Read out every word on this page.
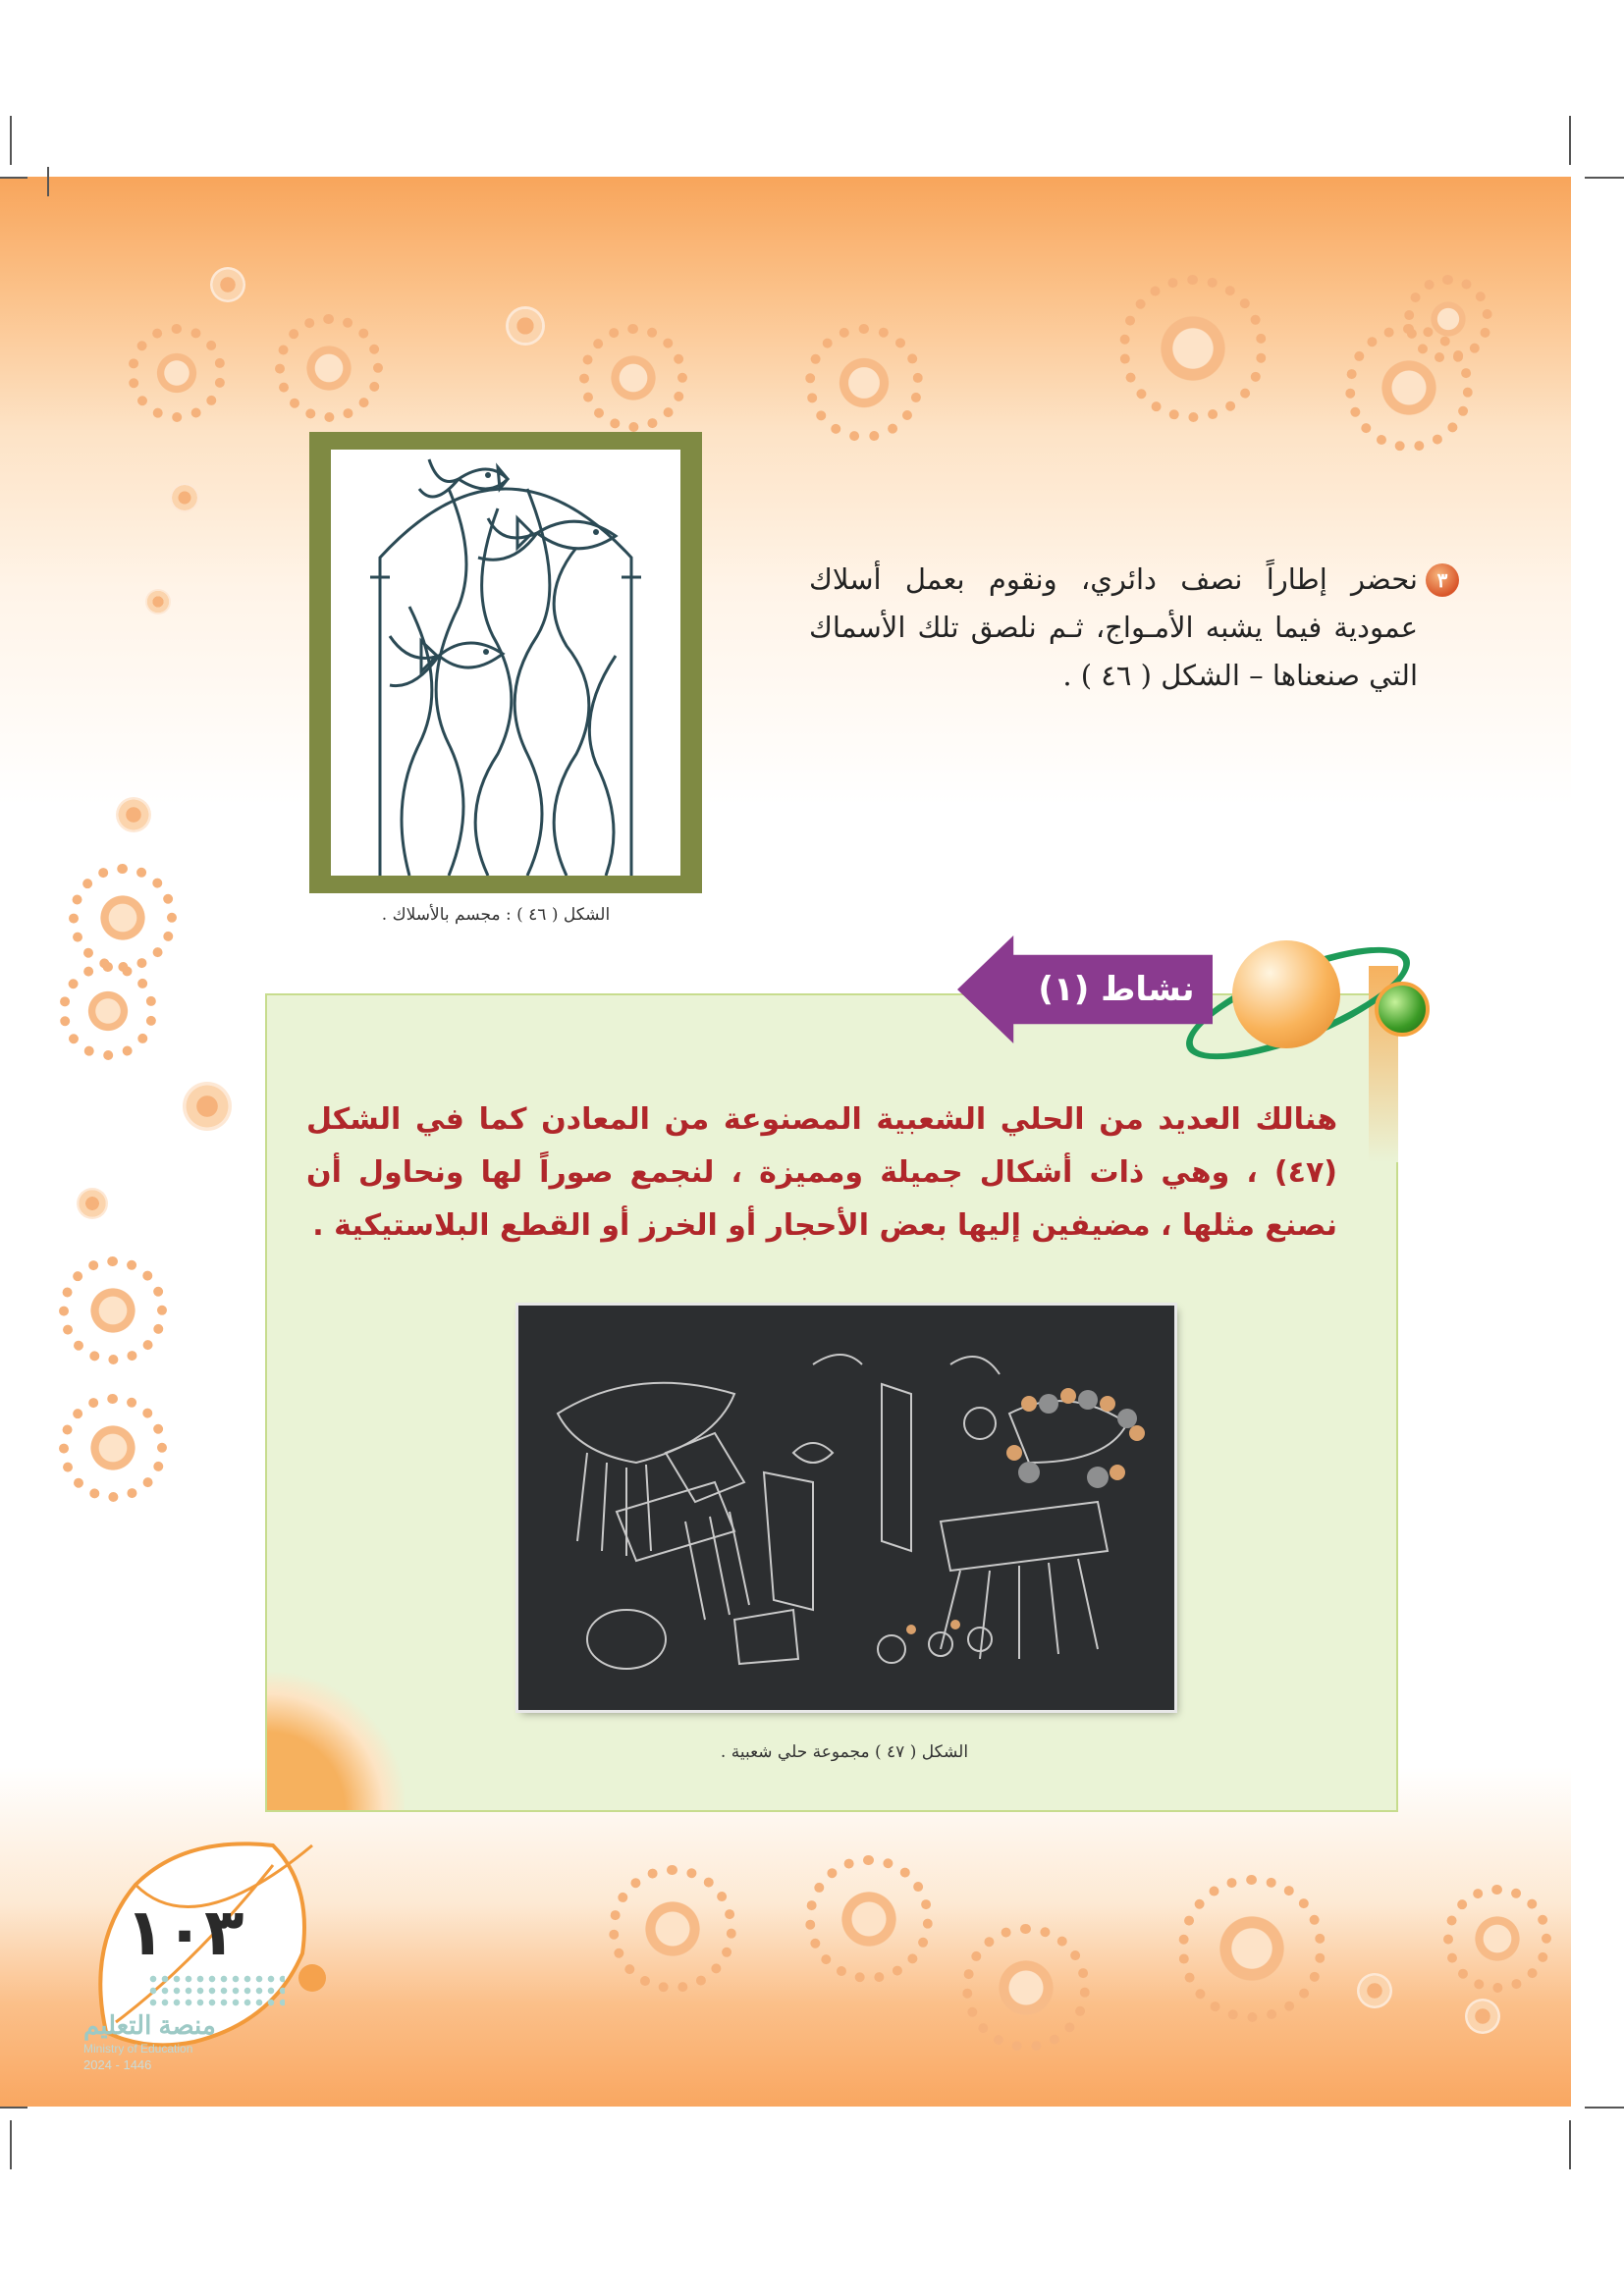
الشكل ( ٤٦ ) : مجسم بالأسلاك .
٣
نحضر إطاراً نصف دائري، ونقوم بعمل أسلاك عمودية فيما يشبه الأمـواج، ثـم نلصق تلك الأسماك التي صنعناها – الشكل ( ٤٦ ) .
هنالك العديد من الحلي الشعبية المصنوعة من المعادن كما في الشكل (٤٧) ، وهي ذات أشكال جميلة ومميزة ، لنجمع صوراً لها ونحاول أن نصنع مثلها ، مضيفين إليها بعض الأحجار أو الخرز أو القطع البلاستيكية .
نشاط (١)
الشكل ( ٤٧ ) مجموعة حلي شعبية .
١٠٣
منصة التعليم
Ministry of Education
2024 - 1446
